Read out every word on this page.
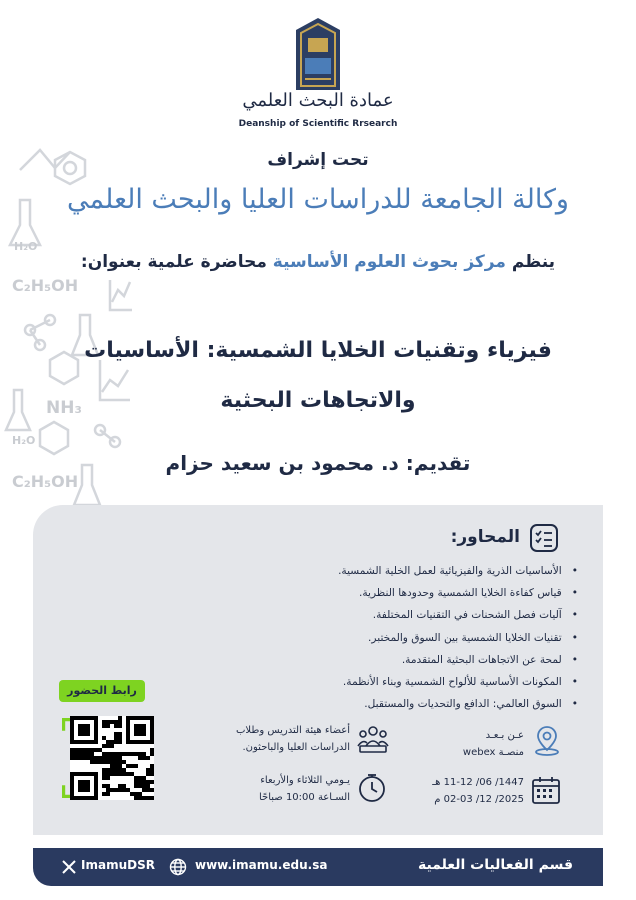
H₂O
C₂H₅OH
NH₃
H₂O
C₂H₅OH
عمادة البحث العلمي
Deanship of Scientific Rrsearch
تحت إشراف
وكالة الجامعة للدراسات العليا والبحث العلمي
ينظم مركز بحوث العلوم الأساسية محاضرة علمية بعنوان:
فيزياء وتقنيات الخلايا الشمسية: الأساسيات
والاتجاهات البحثية
تقديم: د. محمود بن سعيد حزام
المحاور:
• الأساسيات الذرية والفيزيائية لعمل الخلية الشمسية.
• قياس كفاءة الخلايا الشمسية وحدودها النظرية.
• آليات فصل الشحنات في التقنيات المختلفة.
• تقنيات الخلايا الشمسية بين السوق والمختبر.
• لمحة عن الاتجاهات البحثية المتقدمة.
• المكونات الأساسية للألواح الشمسية وبناء الأنظمة.
• السوق العالمي: الدافع والتحديات والمستقبل.
رابط الحضور
أعضاء هيئة التدريس وطلاب
الدراسات العليا والباحثون.
عـن بـعـد
منصـة webex
يـومي الثلاثاء والأربعاء
السـاعة 10:00 صباحًا
1447/ 06/ 11-12 هـ
2025/ 12/ 02-03 م
قسم الفعاليات العلمية
www.imamu.edu.sa
ImamuDSR
